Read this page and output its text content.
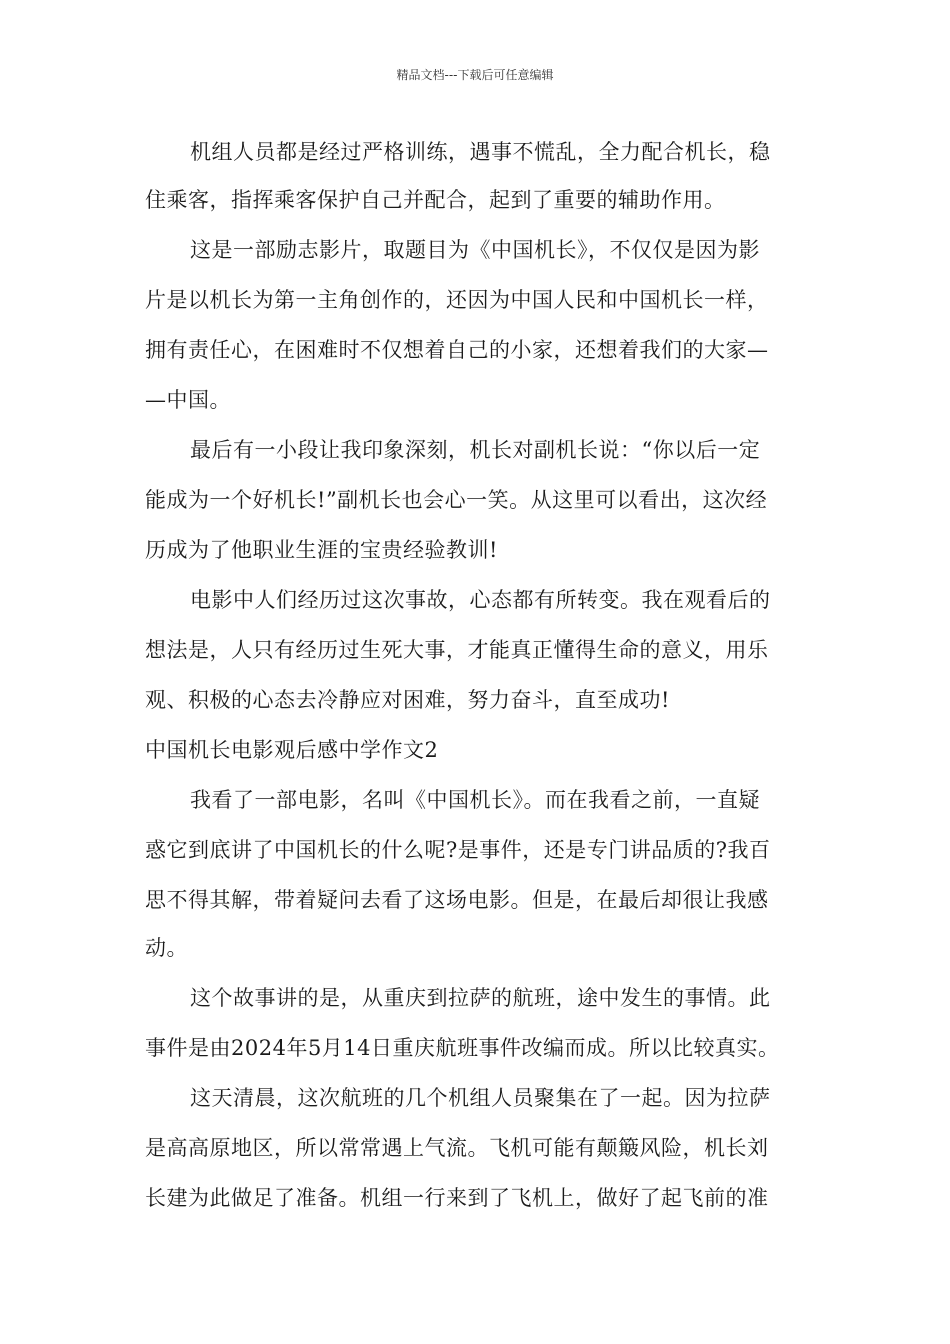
精品文档---下载后可任意编辑
机组人员都是经过严格训练，遇事不慌乱，全力配合机长，稳
住乘客，指挥乘客保护自己并配合，起到了重要的辅助作用。
这是一部励志影片，取题目为《中国机长》，不仅仅是因为影
片是以机长为第一主角创作的，还因为中国人民和中国机长一样，
拥有责任心，在困难时不仅想着自己的小家，还想着我们的大家—
—中国。
最后有一小段让我印象深刻，机长对副机长说：“你以后一定
能成为一个好机长!”副机长也会心一笑。从这里可以看出，这次经
历成为了他职业生涯的宝贵经验教训!
电影中人们经历过这次事故，心态都有所转变。我在观看后的
想法是，人只有经历过生死大事，才能真正懂得生命的意义，用乐
观、积极的心态去冷静应对困难，努力奋斗，直至成功!
中国机长电影观后感中学作文2
我看了一部电影，名叫《中国机长》。而在我看之前，一直疑
惑它到底讲了中国机长的什么呢?是事件，还是专门讲品质的?我百
思不得其解，带着疑问去看了这场电影。但是，在最后却很让我感
动。
这个故事讲的是，从重庆到拉萨的航班，途中发生的事情。此
事件是由2024年5月14日重庆航班事件改编而成。所以比较真实。
这天清晨，这次航班的几个机组人员聚集在了一起。因为拉萨
是高高原地区，所以常常遇上气流。飞机可能有颠簸风险，机长刘
长建为此做足了准备。机组一行来到了飞机上，做好了起飞前的准
